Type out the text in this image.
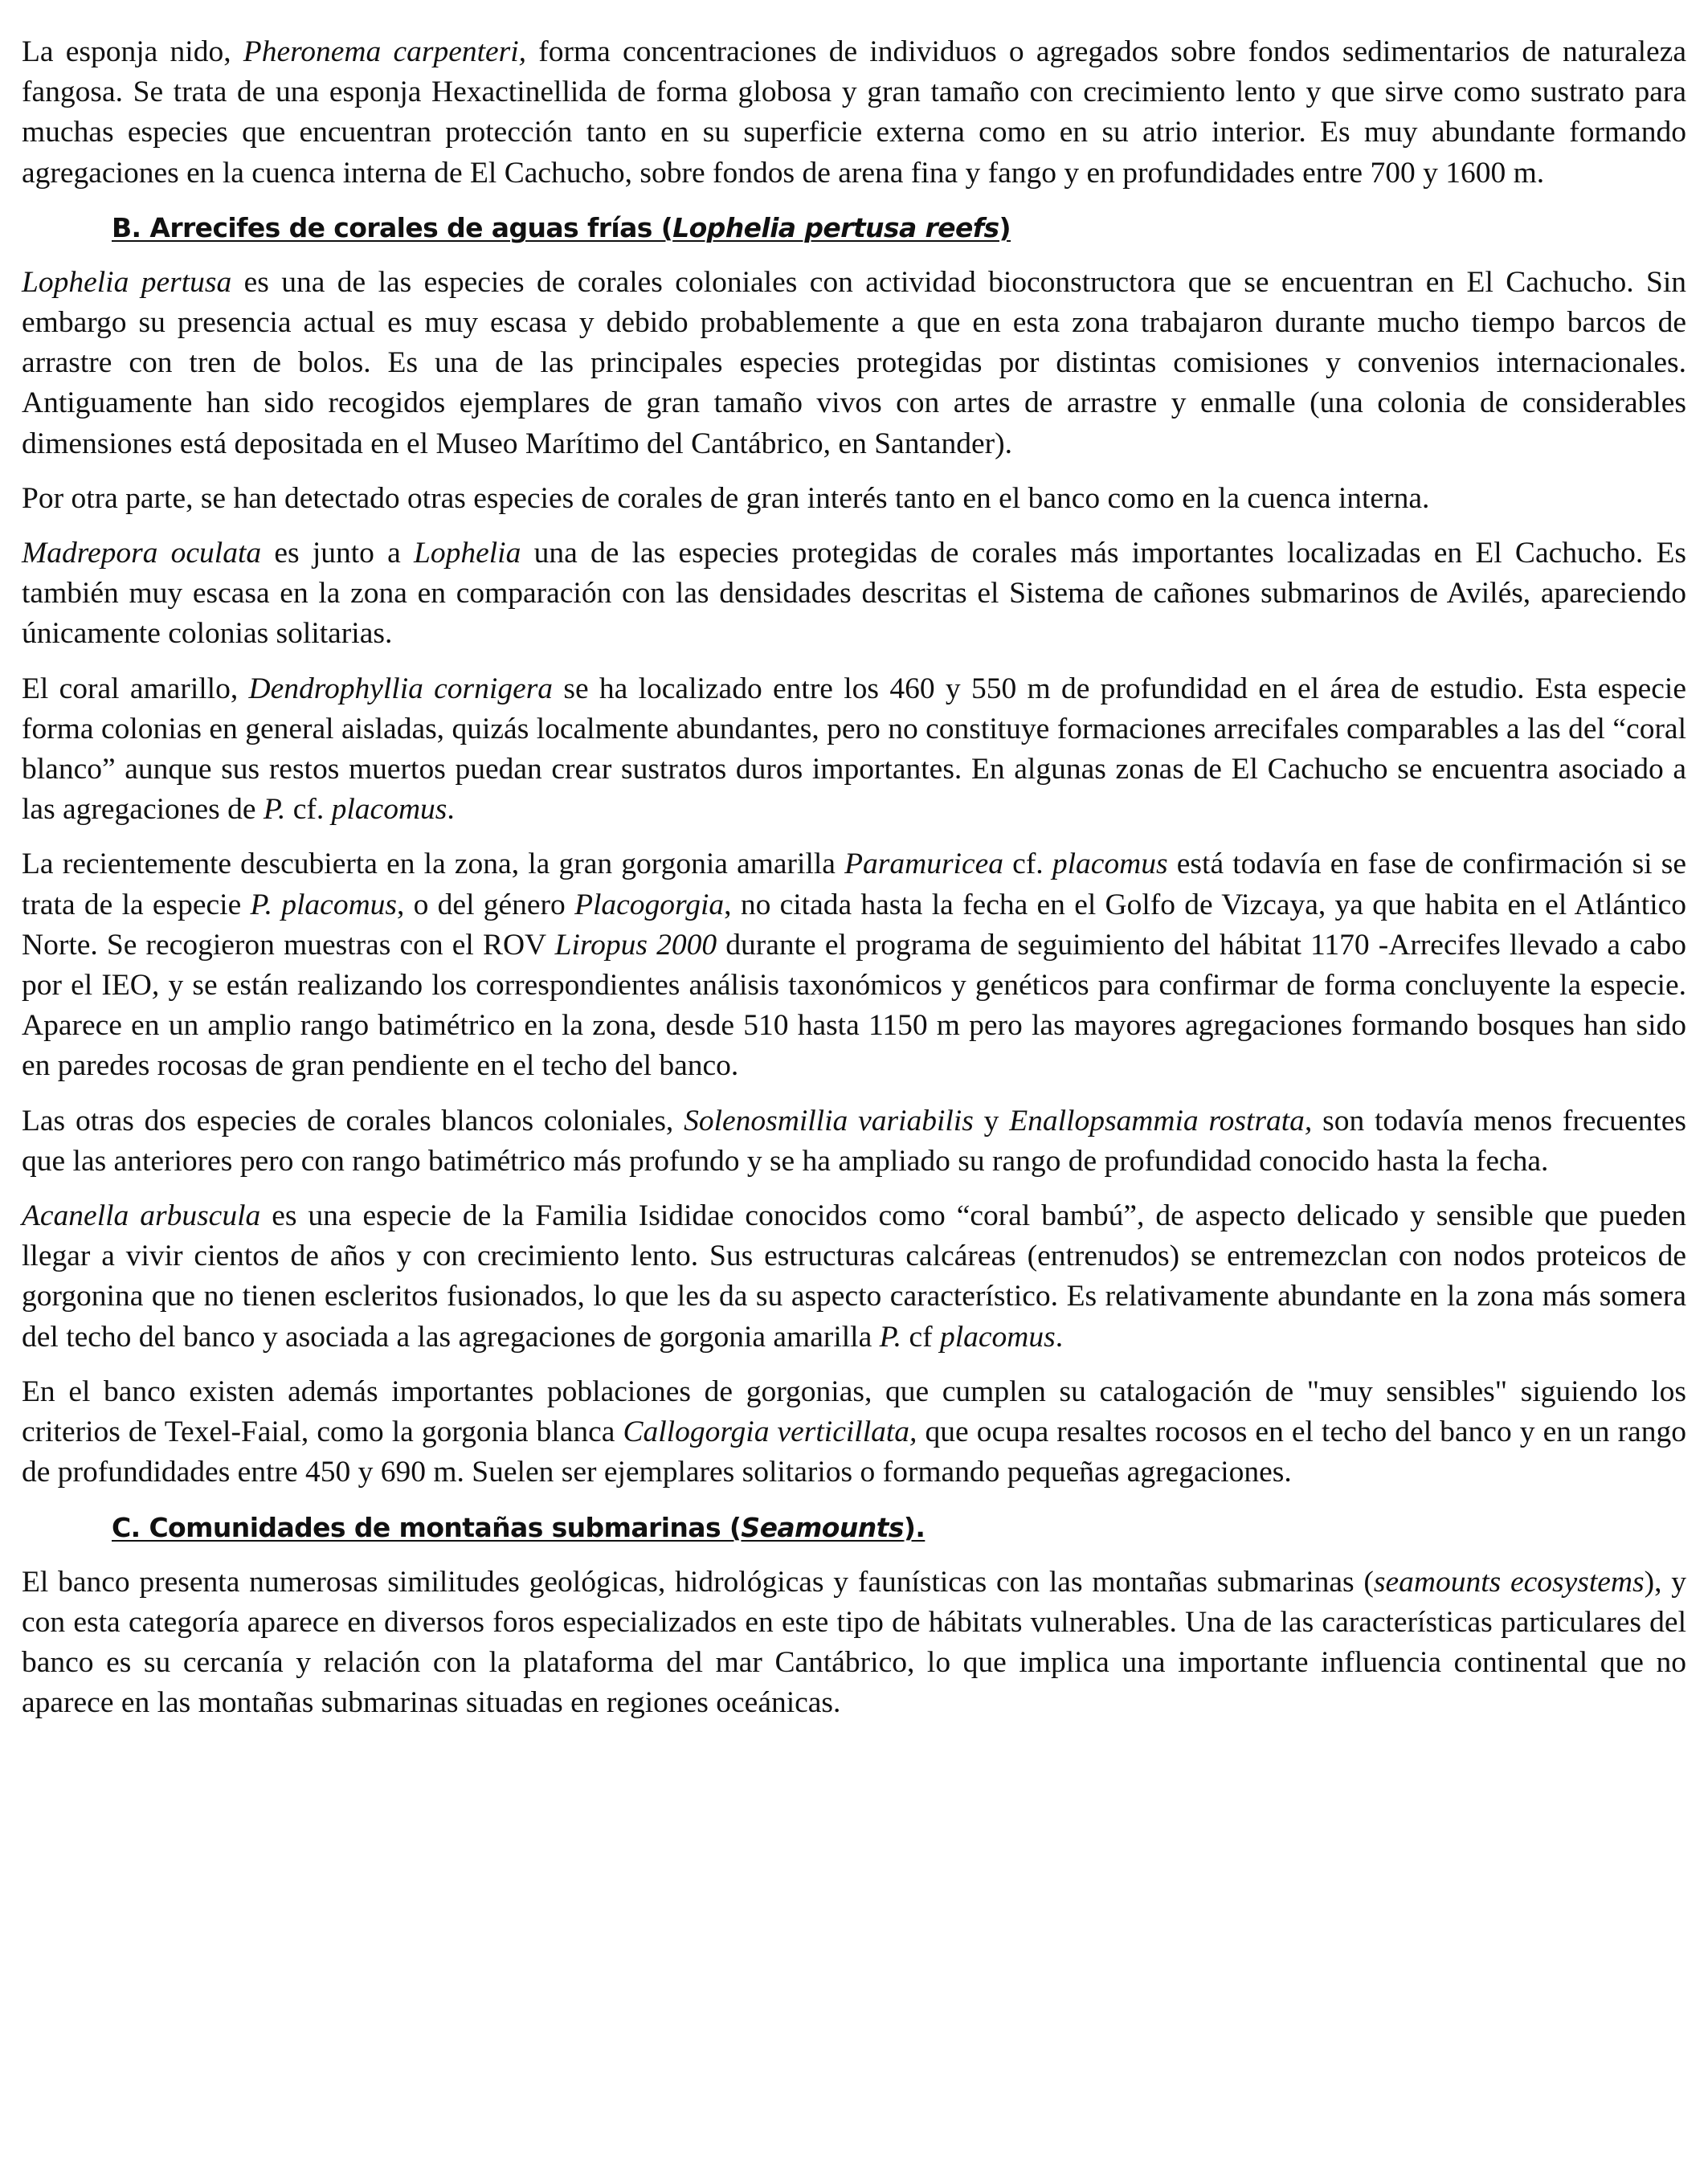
La esponja nido, Pheronema carpenteri, forma concentraciones de individuos o agregados sobre fondos sedimentarios de naturaleza fangosa. Se trata de una esponja Hexactinellida de forma globosa y gran tamaño con crecimiento lento y que sirve como sustrato para muchas especies que encuentran protección tanto en su superficie externa como en su atrio interior. Es muy abundante formando agregaciones en la cuenca interna de El Cachucho, sobre fondos de arena fina y fango y en profundidades entre 700 y 1600 m.

B. Arrecifes de corales de aguas frías (Lophelia pertusa reefs)

Lophelia pertusa es una de las especies de corales coloniales con actividad bioconstructora que se encuentran en El Cachucho. Sin embargo su presencia actual es muy escasa y debido probablemente a que en esta zona trabajaron durante mucho tiempo barcos de arrastre con tren de bolos. Es una de las principales especies protegidas por distintas comisiones y convenios internacionales. Antiguamente han sido recogidos ejemplares de gran tamaño vivos con artes de arrastre y enmalle (una colonia de considerables dimensiones está depositada en el Museo Marítimo del Cantábrico, en Santander).

Por otra parte, se han detectado otras especies de corales de gran interés tanto en el banco como en la cuenca interna.

Madrepora oculata es junto a Lophelia una de las especies protegidas de corales más importantes localizadas en El Cachucho. Es también muy escasa en la zona en comparación con las densidades descritas el Sistema de cañones submarinos de Avilés, apareciendo únicamente colonias solitarias.

El coral amarillo, Dendrophyllia cornigera se ha localizado entre los 460 y 550 m de profundidad en el área de estudio. Esta especie forma colonias en general aisladas, quizás localmente abundantes, pero no constituye formaciones arrecifales comparables a las del “coral blanco” aunque sus restos muertos puedan crear sustratos duros importantes. En algunas zonas de El Cachucho se encuentra asociado a las agregaciones de P. cf. placomus.

La recientemente descubierta en la zona, la gran gorgonia amarilla Paramuricea cf. placomus está todavía en fase de confirmación si se trata de la especie P. placomus, o del género Placogorgia, no citada hasta la fecha en el Golfo de Vizcaya, ya que habita en el Atlántico Norte. Se recogieron muestras con el ROV Liropus 2000 durante el programa de seguimiento del hábitat 1170 -Arrecifes llevado a cabo por el IEO, y se están realizando los correspondientes análisis taxonómicos y genéticos para confirmar de forma concluyente la especie. Aparece en un amplio rango batimétrico en la zona, desde 510 hasta 1150 m pero las mayores agregaciones formando bosques han sido en paredes rocosas de gran pendiente en el techo del banco.

Las otras dos especies de corales blancos coloniales, Solenosmillia variabilis y Enallopsammia rostrata, son todavía menos frecuentes que las anteriores pero con rango batimétrico más profundo y se ha ampliado su rango de profundidad conocido hasta la fecha.

Acanella arbuscula es una especie de la Familia Isididae conocidos como “coral bambú”, de aspecto delicado y sensible que pueden llegar a vivir cientos de años y con crecimiento lento. Sus estructuras calcáreas (entrenudos) se entremezclan con nodos proteicos de gorgonina que no tienen escleritos fusionados, lo que les da su aspecto característico. Es relativamente abundante en la zona más somera del techo del banco y asociada a las agregaciones de gorgonia amarilla P. cf placomus.

En el banco existen además importantes poblaciones de gorgonias, que cumplen su catalogación de "muy sensibles" siguiendo los criterios de Texel-Faial, como la gorgonia blanca Callogorgia verticillata, que ocupa resaltes rocosos en el techo del banco y en un rango de profundidades entre 450 y 690 m. Suelen ser ejemplares solitarios o formando pequeñas agregaciones.

C. Comunidades de montañas submarinas (Seamounts).

El banco presenta numerosas similitudes geológicas, hidrológicas y faunísticas con las montañas submarinas (seamounts ecosystems), y con esta categoría aparece en diversos foros especializados en este tipo de hábitats vulnerables. Una de las características particulares del banco es su cercanía y relación con la plataforma del mar Cantábrico, lo que implica una importante influencia continental que no aparece en las montañas submarinas situadas en regiones oceánicas.
